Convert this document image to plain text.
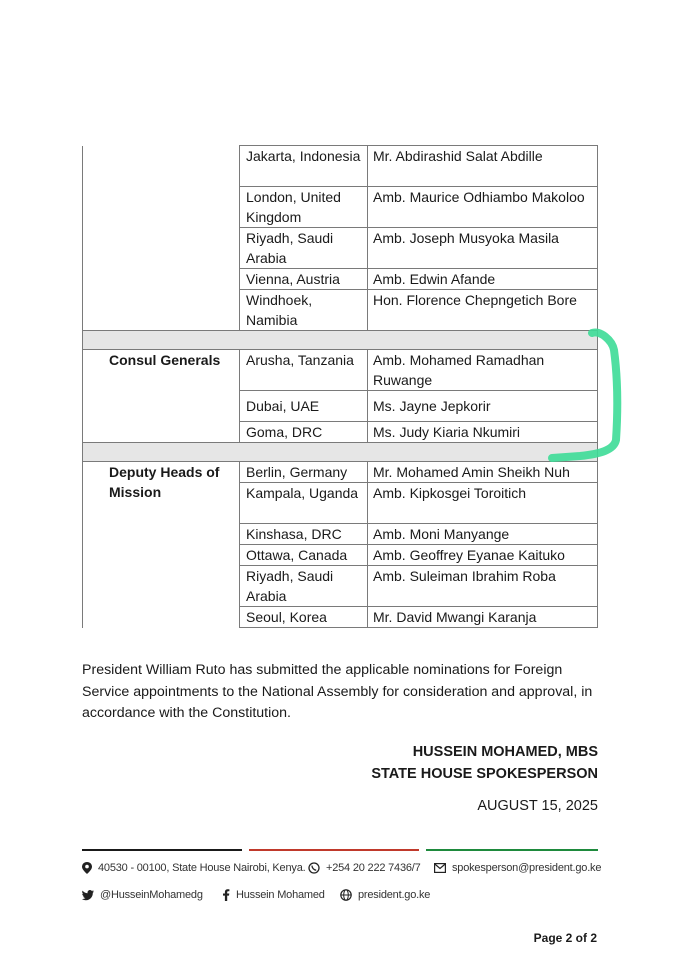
	Jakarta, Indonesia	Mr. Abdirashid Salat Abdille
	London, United Kingdom	Amb. Maurice Odhiambo Makoloo
	Riyadh, Saudi Arabia	Amb. Joseph Musyoka Masila
	Vienna, Austria	Amb. Edwin Afande
	Windhoek, Namibia	Hon. Florence Chepngetich Bore

Consul Generals	Arusha, Tanzania	Amb. Mohamed Ramadhan Ruwange
	Dubai, UAE	Ms. Jayne Jepkorir
	Goma, DRC	Ms. Judy Kiaria Nkumiri

Deputy Heads of Mission	Berlin, Germany	Mr. Mohamed Amin Sheikh Nuh
	Kampala, Uganda	Amb. Kipkosgei Toroitich
	Kinshasa, DRC	Amb. Moni Manyange
	Ottawa, Canada	Amb. Geoffrey Eyanae Kaituko
	Riyadh, Saudi Arabia	Amb. Suleiman Ibrahim Roba
	Seoul, Korea	Mr. David Mwangi Karanja

President William Ruto has submitted the applicable nominations for Foreign Service appointments to the National Assembly for consideration and approval, in accordance with the Constitution.

HUSSEIN MOHAMED, MBS
STATE HOUSE SPOKESPERSON
AUGUST 15, 2025
40530 - 00100, State House Nairobi, Kenya. +254 20 222 7436/7	spokesperson@president.go.ke
@HusseinMohamedg	Hussein Mohamed	president.go.ke
Page 2 of 2
